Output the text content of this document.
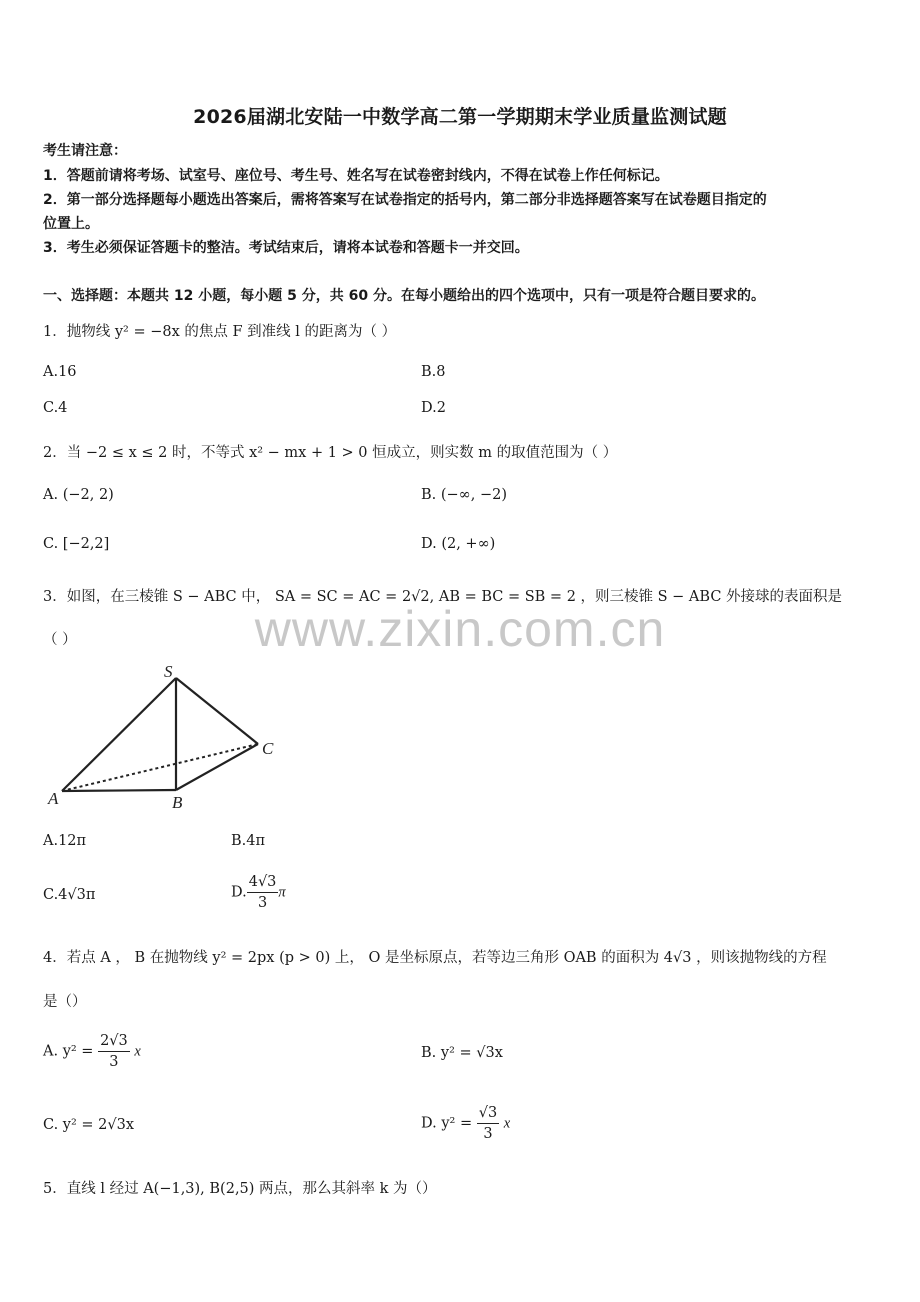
2026届湖北安陆一中数学高二第一学期期末学业质量监测试题
考生请注意：
1．答题前请将考场、试室号、座位号、考生号、姓名写在试卷密封线内，不得在试卷上作任何标记。
2．第一部分选择题每小题选出答案后，需将答案写在试卷指定的括号内，第二部分非选择题答案写在试卷题目指定的
位置上。
3．考生必须保证答题卡的整洁。考试结束后，请将本试卷和答题卡一并交回。
一、选择题：本题共 12 小题，每小题 5 分，共 60 分。在每小题给出的四个选项中，只有一项是符合题目要求的。
1．抛物线 y² = −8x 的焦点 F 到准线 l 的距离为（ ）
A.16	B.8
C.4	D.2
2．当 −2 ≤ x ≤ 2 时，不等式 x² − mx + 1 > 0 恒成立，则实数 m 的取值范围为（ ）
A. (−2, 2)	B. (−∞, −2)
C. [−2,2]	D. (2, +∞)
3．如图，在三棱锥 S − ABC 中， SA = SC = AC = 2√2, AB = BC = SB = 2 ，则三棱锥 S − ABC 外接球的表面积是
（ ）	www.zixin.com.cn
S
A	B
C
A.12π	B.4π
C.4√3π	D. $\frac{4√3}{3}$ π
4．若点 A ， B 在抛物线 y² = 2px (p > 0) 上， O 是坐标原点，若等边三角形 OAB 的面积为 4√3 ，则该抛物线的方程
是（）
A. $y^2 = \frac{2√3}{3}$ x	B. y² = √3x
C. y² = 2√3x	D. $y^2 = \frac{√3}{3}$ x
5．直线 l 经过 A(−1,3), B(2,5) 两点，那么其斜率 k 为（）
